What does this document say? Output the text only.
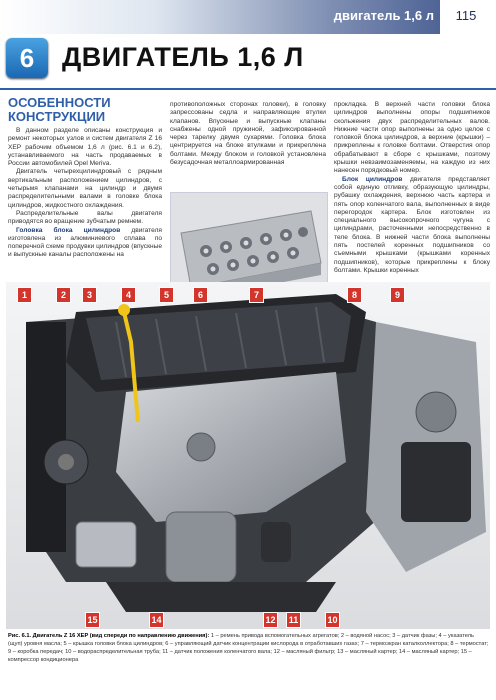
двигатель 1,6 л	115
6	ДВИГАТЕЛЬ 1,6 Л
ОСОБЕННОСТИ КОНСТРУКЦИИ

В данном разделе описаны конструкция и ремонт некоторых узлов и систем двигателя Z 16 XEP рабочим объемом 1,6 л (рис. 6.1 и 6.2), устанавливаемого на часть продаваемых в России автомобилей Opel Meriva.

Двигатель четырехцилиндровый с рядным вертикальным расположением цилиндров, с четырьмя клапанами на цилиндр и двумя распределительными валами в головке блока цилиндров, жидкостного охлаждения.

Распределительные валы двигателя приводятся во вращение зубчатым ремнем.

Головка блока цилиндров двигателя изготовлена из алюминиевого сплава по поперечной схеме продувки цилиндров (впускные и выпускные каналы расположены на

противоположных сторонах головки), в головку запрессованы седла и направляющие втулки клапанов. Впускные и выпускные клапаны снабжены одной пружиной, зафиксированной через тарелку двумя сухарями. Головка блока центрируется на блоке втулками и прикреплена болтами. Между блоком и головкой установлена безусадочная металлоармированная

прокладка. В верхней части головки блока цилиндров выполнены опоры подшипников скольжения двух распределительных валов. Нижние части опор выполнены за одно целое с головкой блока цилиндров, а верхние (крышки) – прикреплены к головке болтами. Отверстия опор обрабатывают в сборе с крышками, поэтому крышки невзаимозаменяемы, на каждую из них нанесен порядковый номер.

Блок цилиндров двигателя представляет собой единую отливку, образующую цилиндры, рубашку охлаждения, верхнюю часть картера и пять опор коленчатого вала, выполненных в виде перегородок картера. Блок изготовлен из специального высокопрочного чугуна с цилиндрами, расточенными непосредственно в теле блока. В нижней части блока выполнены пять постелей коренных подшипников со съемными крышками (крышками коренных подшипников), которые прикреплены к блоку болтами. Крышки коренных

1	2	3	4	5	6	7	8	9
15	14	12	11	10
Рис. 6.1. Двигатель Z 16 XEP (вид спереди по направлению движения): 1 – ремень привода вспомогательных агрегатов; 2 – водяной насос; 3 – датчик фазы; 4 – указатель (щуп) уровня масла; 5 – крышка головки блока цилиндров; 6 – управляющий датчик концентрации кислорода в отработавших газах; 7 – термоэкран каталколлектора; 8 – термостат; 9 – коробка передач; 10 – водораспределительная труба; 11 – датчик положения коленчатого вала; 12 – масляный фильтр; 13 – масляный картер; 14 – масляный картер; 15 – компрессор кондиционера
